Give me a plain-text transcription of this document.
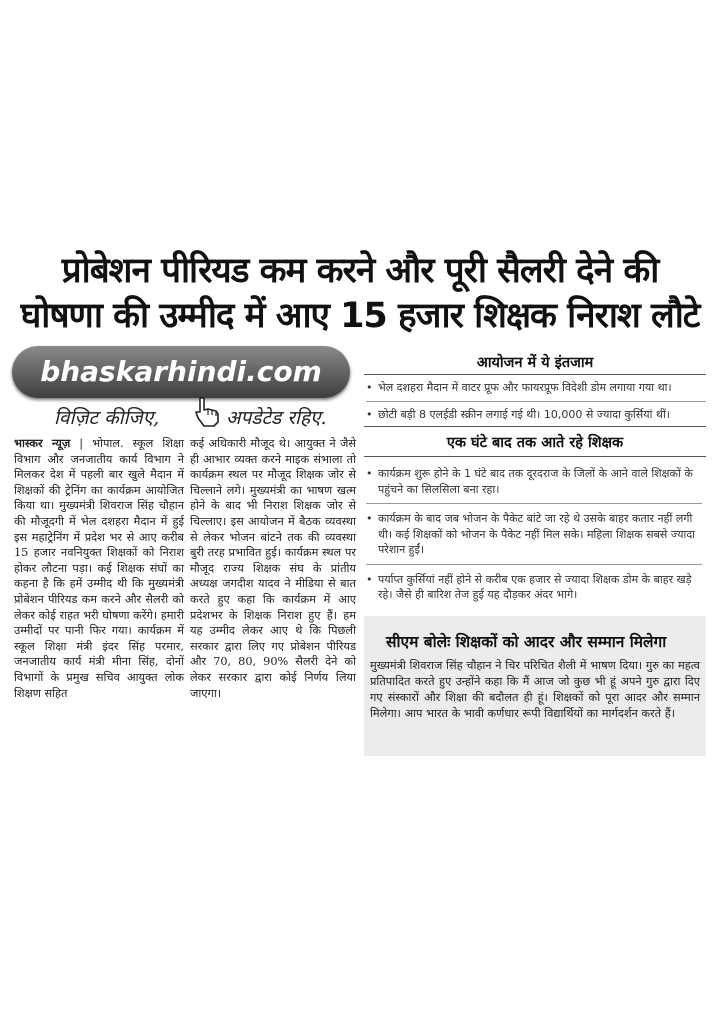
प्रोबेशन पीरियड कम करने और पूरी सैलरी देने की
घोषणा की उम्मीद में आए 15 हजार शिक्षक निराश लौटे
bhaskarhindi.com
विज़िट कीजिए,	अपडेटेड रहिए.
भास्कर न्यूज़ | भोपाल. स्कूल शिक्षा विभाग और जनजातीय कार्य विभाग ने मिलकर देश में पहली बार खुले मैदान में शिक्षकों की ट्रेनिंग का कार्यक्रम आयोजित किया था। मुख्यमंत्री शिवराज सिंह चौहान की मौजूदगी में भेल दशहरा मैदान में हुई इस महाट्रेनिंग में प्रदेश भर से आए करीब 15 हजार नवनियुक्त शिक्षकों को निराश होकर लौटना पड़ा। कई शिक्षक संघों का कहना है कि हमें उम्मीद थी कि मुख्यमंत्री प्रोबेशन पीरियड कम करने और सैलरी को लेकर कोई राहत भरी घोषणा करेंगे। हमारी उम्मीदों पर पानी फिर गया। कार्यक्रम में स्कूल शिक्षा मंत्री इंदर सिंह परमार, जनजातीय कार्य मंत्री मीना सिंह, दोनों विभागों के प्रमुख सचिव आयुक्त लोक शिक्षण सहित
कई अधिकारी मौजूद थे। आयुक्त ने जैसे ही आभार व्यक्त करने माइक संभाला तो कार्यक्रम स्थल पर मौजूद शिक्षक जोर से चिल्लाने लगे। मुख्यमंत्री का भाषण खत्म होने के बाद भी निराश शिक्षक जोर से चिल्लाए। इस आयोजन में बैठक व्यवस्था से लेकर भोजन बांटने तक की व्यवस्था बुरी तरह प्रभावित हुई। कार्यक्रम स्थल पर मौजूद राज्य शिक्षक संघ के प्रांतीय अध्यक्ष जगदीश यादव ने मीडिया से बात करते हुए कहा कि कार्यक्रम में आए प्रदेशभर के शिक्षक निराश हुए हैं। हम यह उम्मीद लेकर आए थे कि पिछली सरकार द्वारा लिए गए प्रोबेशन पीरियड और 70, 80, 90% सैलरी देने को लेकर सरकार द्वारा कोई निर्णय लिया जाएगा।
आयोजन में ये इंतजाम
• भेल दशहरा मैदान में वाटर प्रूफ और फायरप्रूफ विदेशी डोम लगाया गया था।
• छोटी बड़ी 8 एलईडी स्क्रीन लगाई गई थी। 10,000 से ज्यादा कुर्सियां थीं।
एक घंटे बाद तक आते रहे शिक्षक
• कार्यक्रम शुरू होने के 1 घंटे बाद तक दूरदराज के जिलों के आने वाले शिक्षकों के पहुंचने का सिलसिला बना रहा।
• कार्यक्रम के बाद जब भोजन के पैकेट बांटे जा रहे थे उसके बाहर कतार नहीं लगी थी। कई शिक्षकों को भोजन के पैकेट नहीं मिल सके। महिला शिक्षक सबसे ज्यादा परेशान हुईं।
• पर्याप्त कुर्सियां नहीं होने से करीब एक हजार से ज्यादा शिक्षक डोम के बाहर खड़े रहे। जैसे ही बारिश तेज हुई यह दौड़कर अंदर भागे।
सीएम बोलेः शिक्षकों को आदर और सम्मान मिलेगा
मुख्यमंत्री शिवराज सिंह चौहान ने चिर परिचित शैली में भाषण दिया। गुरु का महत्व प्रतिपादित करते हुए उन्होंने कहा कि मैं आज जो कुछ भी हूं अपने गुरु द्वारा दिए गए संस्कारों और शिक्षा की बदौलत ही हूं। शिक्षकों को पूरा आदर और सम्मान मिलेगा। आप भारत के भावी कर्णधार रूपी विद्यार्थियों का मार्गदर्शन करते हैं।
